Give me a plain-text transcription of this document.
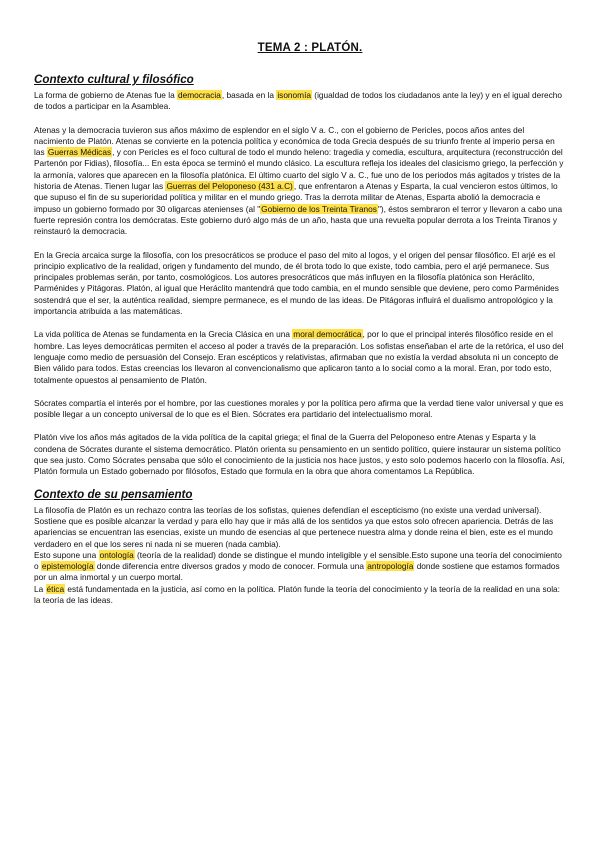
TEMA 2 : PLATÓN.
Contexto cultural y filosófico

La forma de gobierno de Atenas fue la democracia, basada en la isonomía (igualdad de todos los ciudadanos ante la ley) y en el igual derecho de todos a participar en la Asamblea.

Atenas y la democracia tuvieron sus años máximo de esplendor en el siglo V a. C., con el gobierno de Pericles, pocos años antes del nacimiento de Platón. Atenas se convierte en la potencia política y económica de toda Grecia después de su triunfo frente al imperio persa en las Guerras Médicas, y con Pericles es el foco cultural de todo el mundo heleno: tragedia y comedia, escultura, arquitectura (reconstrucción del Partenón por Fidias), filosofía... En esta época se terminó el mundo clásico. La escultura refleja los ideales del clasicismo griego, la perfección y la armonía, valores que aparecen en la filosofía platónica. El último cuarto del siglo V a. C., fue uno de los periodos más agitados y tristes de la historia de Atenas. Tienen lugar las Guerras del Peloponeso (431 a.C), que enfrentaron a Atenas y Esparta, la cual vencieron estos últimos, lo que supuso el fin de su superioridad política y militar en el mundo griego. Tras la derrota militar de Atenas, Esparta abolió la democracia e impuso un gobierno formado por 30 oligarcas atenienses (al "Gobierno de los Treinta Tiranos"), éstos sembraron el terror y llevaron a cabo una fuerte represión contra los demócratas. Este gobierno duró algo más de un año, hasta que una revuelta popular derrota a los Treinta Tiranos y reinstauró la democracia.

En la Grecia arcaica surge la filosofía, con los presocráticos se produce el paso del mito al logos, y el origen del pensar filosófico. El arjé es el principio explicativo de la realidad, origen y fundamento del mundo, de él brota todo lo que existe, todo cambia, pero el arjé permanece. Sus principales problemas serán, por tanto, cosmológicos. Los autores presocráticos que más influyen en la filosofía platónica son Heráclito, Parménides y Pitágoras. Platón, al igual que Heráclito mantendrá que todo cambia, en el mundo sensible que deviene, pero como Parménides sostendrá que el ser, la auténtica realidad, siempre permanece, es el mundo de las ideas. De Pitágoras influirá el dualismo antropológico y la importancia atribuida a las matemáticas.

La vida política de Atenas se fundamenta en la Grecia Clásica en una moral democrática, por lo que el principal interés filosófico reside en el hombre. Las leyes democráticas permiten el acceso al poder a través de la preparación. Los sofistas enseñaban el arte de la retórica, el uso del lenguaje como medio de persuasión del Consejo. Eran escépticos y relativistas, afirmaban que no existía la verdad absoluta ni un concepto de Bien válido para todos. Estas creencias los llevaron al convencionalismo que aplicaron tanto a lo social como a la moral. Eran, por todo esto, totalmente opuestos al pensamiento de Platón.

Sócrates compartía el interés por el hombre, por las cuestiones morales y por la política pero afirma que la verdad tiene valor universal y que es posible llegar a un concepto universal de lo que es el Bien. Sócrates era partidario del intelectualismo moral.

Platón vive los años más agitados de la vida política de la capital griega; el final de la Guerra del Peloponeso entre Atenas y Esparta y la condena de Sócrates durante el sistema democrático. Platón orienta su pensamiento en un sentido político, quiere instaurar un sistema político que sea justo. Como Sócrates pensaba que sólo el conocimiento de la justicia nos hace justos, y esto solo podemos hacerlo con la filosofía. Así, Platón formula un Estado gobernado por filósofos, Estado que formula en la obra que ahora comentamos La República.

Contexto de su pensamiento

La filosofía de Platón es un rechazo contra las teorías de los sofistas, quienes defendían el escepticismo (no existe una verdad universal).

Sostiene que es posible alcanzar la verdad y para ello hay que ir más allá de los sentidos ya que estos solo ofrecen apariencia. Detrás de las apariencias se encuentran las esencias, existe un mundo de esencias al que pertenece nuestra alma y donde reina el bien, este es el mundo verdadero en el que los seres ni nada ni se mueren (nada cambia).

Esto supone una ontología (teoría de la realidad) donde se distingue el mundo inteligible y el sensible.Esto supone una teoría del conocimiento o epistemología donde diferencia entre diversos grados y modo de conocer. Formula una antropología donde sostiene que estamos formados por un alma inmortal y un cuerpo mortal.

La ética está fundamentada en la justicia, así como en la política. Platón funde la teoría del conocimiento y la teoría de la realidad en una sola: la teoría de las ideas.
